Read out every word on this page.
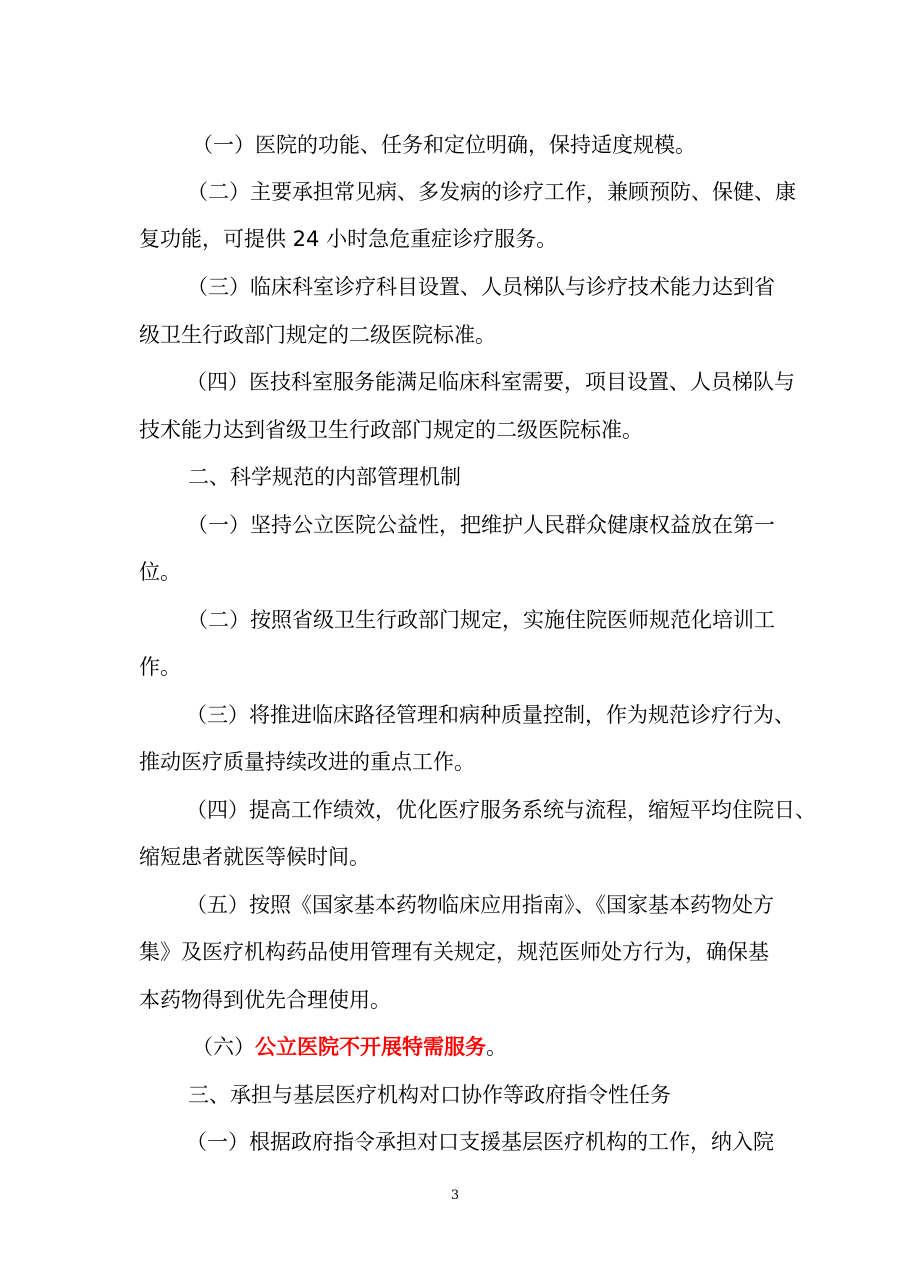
（一）医院的功能、任务和定位明确，保持适度规模。
（二）主要承担常见病、多发病的诊疗工作，兼顾预防、保健、康
复功能，可提供 24 小时急危重症诊疗服务。
（三）临床科室诊疗科目设置、人员梯队与诊疗技术能力达到省
级卫生行政部门规定的二级医院标准。
（四）医技科室服务能满足临床科室需要，项目设置、人员梯队与
技术能力达到省级卫生行政部门规定的二级医院标准。
二、科学规范的内部管理机制
（一）坚持公立医院公益性，把维护人民群众健康权益放在第一
位。
（二）按照省级卫生行政部门规定，实施住院医师规范化培训工
作。
（三）将推进临床路径管理和病种质量控制，作为规范诊疗行为、
推动医疗质量持续改进的重点工作。
（四）提高工作绩效，优化医疗服务系统与流程，缩短平均住院日、
缩短患者就医等候时间。
（五）按照《国家基本药物临床应用指南》、《国家基本药物处方
集》及医疗机构药品使用管理有关规定，规范医师处方行为，确保基
本药物得到优先合理使用。
（六）公立医院不开展特需服务。
三、承担与基层医疗机构对口协作等政府指令性任务
（一）根据政府指令承担对口支援基层医疗机构的工作，纳入院
3
